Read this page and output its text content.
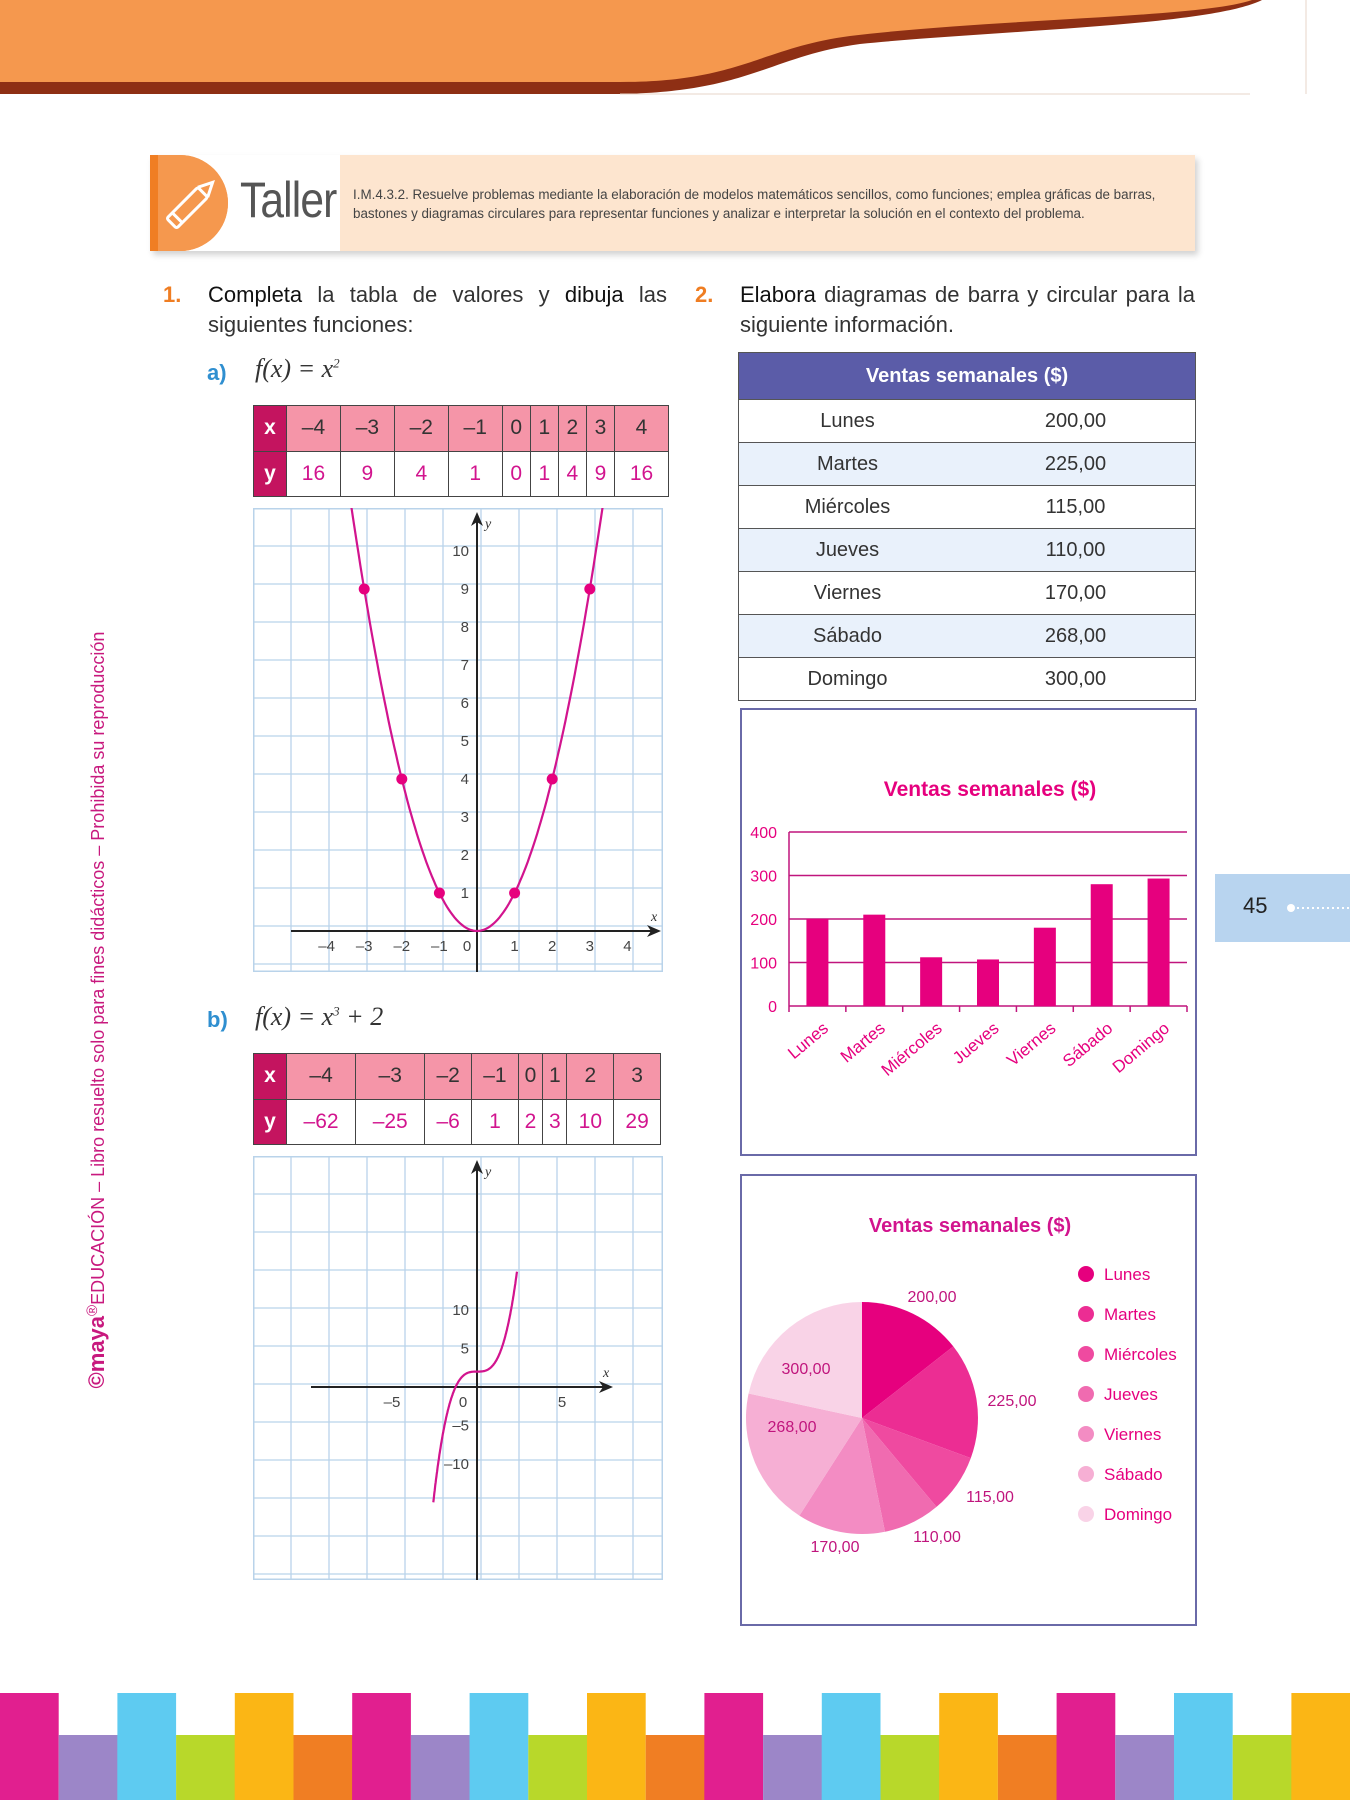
Taller I.M.4.3.2. Resuelve problemas mediante la elaboración de modelos matemáticos sencillos, como funciones; emplea gráficas de barras, bastones y diagramas circulares para representar funciones y analizar e interpretar la solución en el contexto del problema.
1. Completa la tabla de valores y dibuja las siguientes funciones:
a) $f(x) = x^2$
x	–4	–3	–2	–1	0	1	2	3	4
y	16	9	4	1	0	1	4	9	16
x
y
–4 –3 –2 –1 0	1 2 3 4
1
2
3
4
5
6
7
8
9
10
b) $f(x) = x^3 + 2$
x	–4	–3	–2	–1	0	1	2	3
y	–62	–25	–6	1	2	3	10	29
x
y
–5	0	5
10
5
–5
–10
2. Elabora diagramas de barra y circular para la siguiente información.
Ventas semanales ($)	
Lunes	200,00
Martes	225,00
Miércoles	115,00
Jueves	110,00
Viernes	170,00
Sábado	268,00
Domingo	300,00
Ventas semanales ($)
0
100
200
300
400
Lunes Martes
Miércoles Jueves Viernes Sábado
Domingo
Ventas semanales ($)
200,00
225,00
115,00
110,00
170,00
268,00
300,00
Lunes
Martes
Miércoles
Jueves
Viernes
Sábado
Domingo
45
©maya®EDUCACIÓN – Libro resuelto solo para fines didácticos – Prohibida su reproducción
